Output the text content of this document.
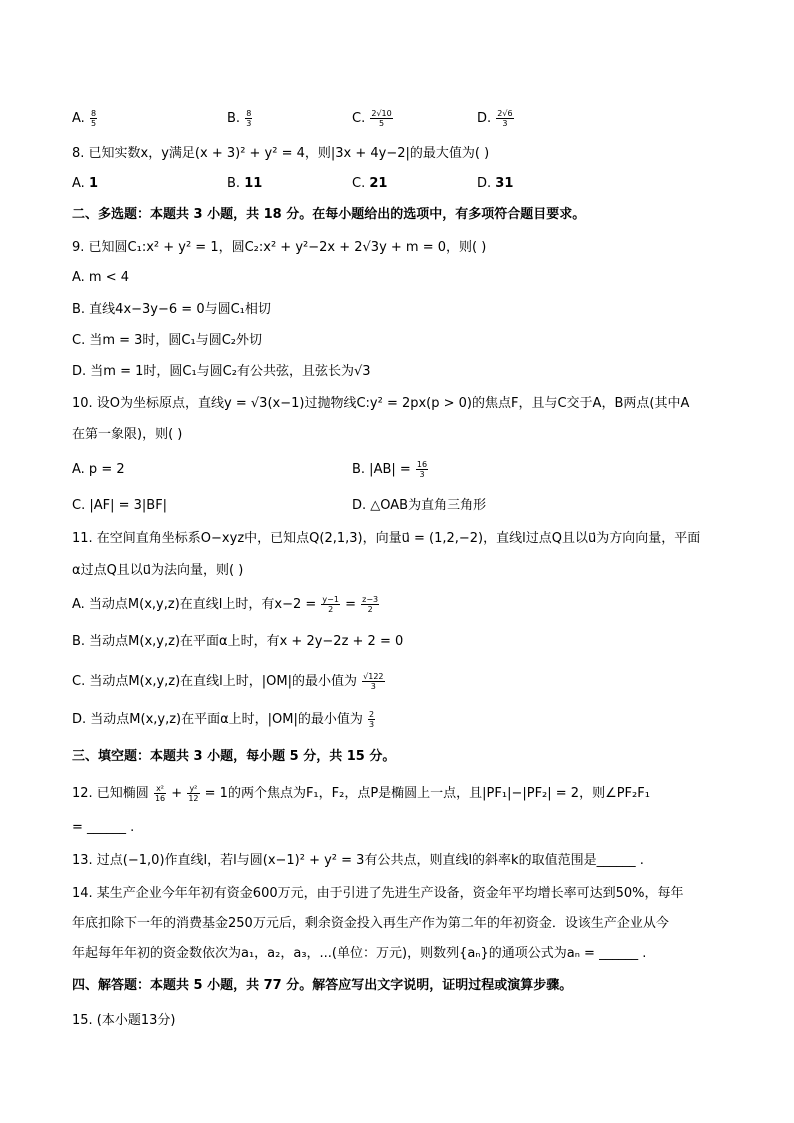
A. $\frac{8}{5}$	B. $\frac{8}{3}$	C. $\frac{2√10}{5}$	D. $\frac{2√6}{3}$
8. 已知实数x，y满足(x + 3)² + y² = 4，则|3x + 4y−2|的最大值为( )
A. 1	B. 11	C. 21	D. 31
二、多选题：本题共 3 小题，共 18 分。在每小题给出的选项中，有多项符合题目要求。
9. 已知圆C₁:x² + y² = 1，圆C₂:x² + y²−2x + 2√3y + m = 0，则( )
A. m < 4
B. 直线4x−3y−6 = 0与圆C₁相切
C. 当m = 3时，圆C₁与圆C₂外切
D. 当m = 1时，圆C₁与圆C₂有公共弦，且弦长为√3
10. 设O为坐标原点，直线y = √3(x−1)过抛物线C:y² = 2px(p > 0)的焦点F，且与C交于A，B两点(其中A
在第一象限)，则( )
A. p = 2	B. $|AB| = \frac{16}{3}$
C. |AF| = 3|BF|	D. △OAB为直角三角形
11. 在空间直角坐标系O−xyz中，已知点Q(2,1,3)，向量u⃗ = (1,2,−2)，直线l过点Q且以u⃗为方向向量，平面
α过点Q且以u⃗为法向量，则( )
A. 当动点M(x,y,z)在直线l上时，有$x-2 = \frac{y-1}{2} = \frac{z-3}{2}$
B. 当动点M(x,y,z)在平面α上时，有x + 2y−2z + 2 = 0
C. 当动点M(x,y,z)在直线l上时，|OM|的最小值为 $\frac{√122}{3}$
D. 当动点M(x,y,z)在平面α上时，|OM|的最小值为 $\frac{2}{3}$
三、填空题：本题共 3 小题，每小题 5 分，共 15 分。
12. 已知椭圆 $\frac{\text{x²}}{16} + \frac{\text{y²}}{12} = 1$的两个焦点为F₁，F₂，点P是椭圆上一点，且|PF₁|−|PF₂| = 2，则∠PF₂F₁
= ______ .
13. 过点(−1,0)作直线l，若l与圆(x−1)² + y² = 3有公共点，则直线l的斜率k的取值范围是______ .
14. 某生产企业今年年初有资金600万元，由于引进了先进生产设备，资金年平均增长率可达到50%，每年
年底扣除下一年的消费基金250万元后，剩余资金投入再生产作为第二年的年初资金．设该生产企业从今
年起每年年初的资金数依次为a₁，a₂，a₃，...(单位：万元)，则数列{aₙ}的通项公式为aₙ = ______ .
四、解答题：本题共 5 小题，共 77 分。解答应写出文字说明，证明过程或演算步骤。
15. (本小题13分)
